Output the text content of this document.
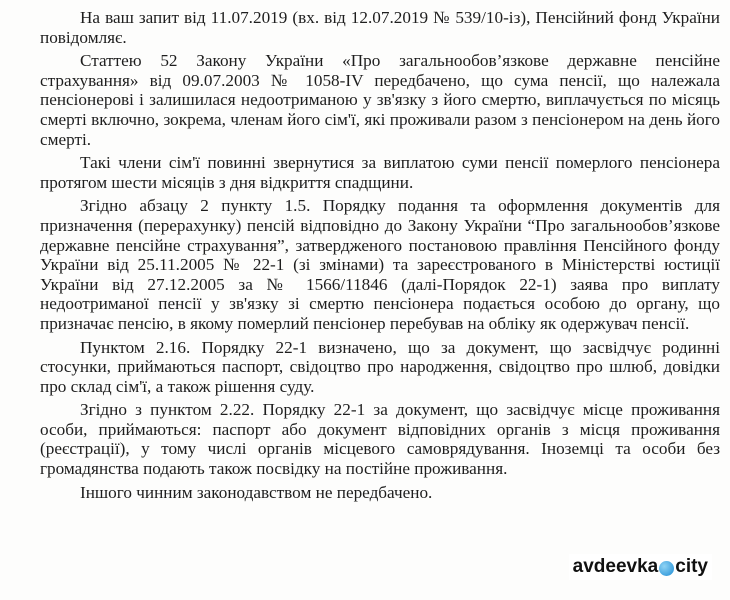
На ваш запит від 11.07.2019 (вх. від 12.07.2019 № 539/10-із), Пенсійний фонд України повідомляє.

Статтею 52 Закону України «Про загальнообов’язкове державне пенсійне страхування» від 09.07.2003 № 1058-IV передбачено, що сума пенсії, що належала пенсіонерові і залишилася недоотриманою у зв'язку з його смертю, виплачується по місяць смерті включно, зокрема, членам його сім'ї, які проживали разом з пенсіонером на день його смерті.

Такі члени сім'ї повинні звернутися за виплатою суми пенсії померлого пенсіонера протягом шести місяців з дня відкриття спадщини.

Згідно абзацу 2 пункту 1.5. Порядку подання та оформлення документів для призначення (перерахунку) пенсій відповідно до Закону України “Про загальнообов’язкове державне пенсійне страхування”, затвердженого постановою правління Пенсійного фонду України від 25.11.2005 № 22-1 (зі змінами) та зареєстрованого в Міністерстві юстиції України від 27.12.2005 за № 1566/11846 (далі-Порядок 22-1) заява про виплату недоотриманої пенсії у зв'язку зі смертю пенсіонера подається особою до органу, що призначає пенсію, в якому померлий пенсіонер перебував на обліку як одержувач пенсії.

Пунктом 2.16. Порядку 22-1 визначено, що за документ, що засвідчує родинні стосунки, приймаються паспорт, свідоцтво про народження, свідоцтво про шлюб, довідки про склад сім'ї, а також рішення суду.

Згідно з пунктом 2.22. Порядку 22-1 за документ, що засвідчує місце проживання особи, приймаються: паспорт або документ відповідних органів з місця проживання (реєстрації), у тому числі органів місцевого самоврядування. Іноземці та особи без громадянства подають також посвідку на постійне проживання.

Іншого чинним законодавством не передбачено.

avdeevka city
